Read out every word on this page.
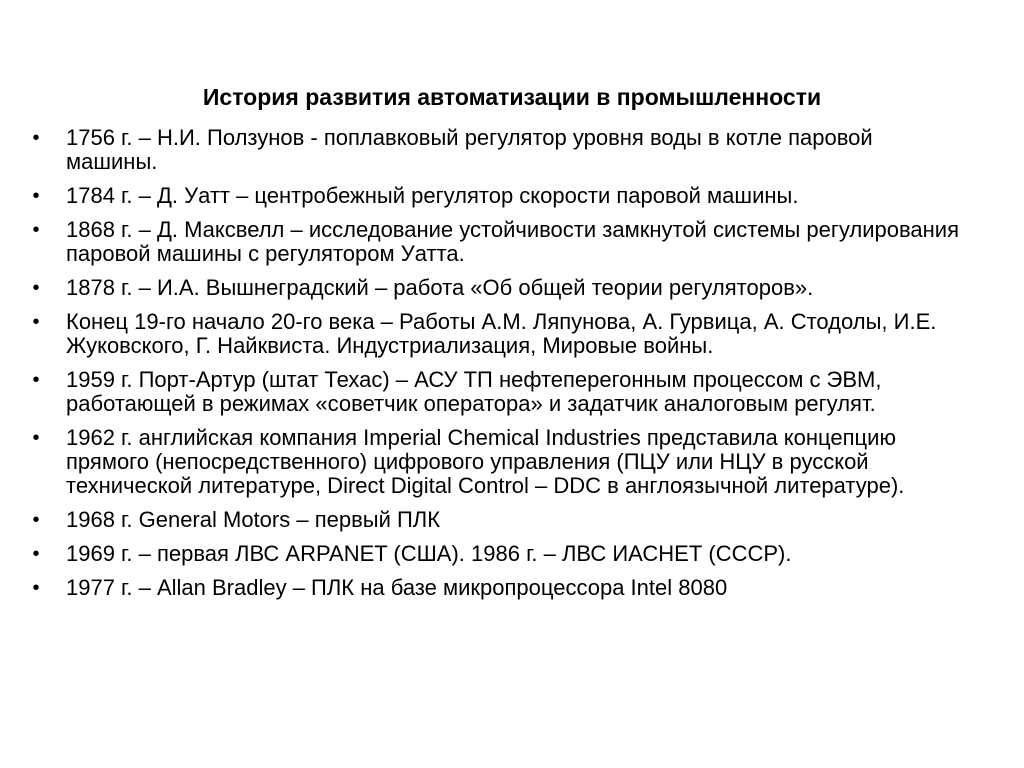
История развития автоматизации в промышленности
• 1756 г. – Н.И. Ползунов - поплавковый регулятор уровня воды в котле паровой машины.
• 1784 г. – Д. Уатт – центробежный регулятор скорости паровой машины.
• 1868 г. – Д. Максвелл – исследование устойчивости замкнутой системы регулирования паровой машины с регулятором Уатта.
• 1878 г. – И.А. Вышнеградский – работа «Об общей теории регуляторов».
• Конец 19-го начало 20-го века – Работы А.М. Ляпунова, А. Гурвица, А. Стодолы, И.Е. Жуковского, Г. Найквиста. Индустриализация, Мировые войны.
• 1959 г. Порт-Артур (штат Техас) – АСУ ТП нефтеперегонным процессом с ЭВМ, работающей в режимах «советчик оператора» и задатчик аналоговым регулят.
• 1962 г. английская компания Imperial Chemical Industries представила концепцию прямого (непосредственного) цифрового управления (ПЦУ или НЦУ в русской технической литературе, Direct Digital Control – DDC в англоязычной литературе).
• 1968 г. General Motors – первый ПЛК
• 1969 г. – первая ЛВС ARPANET (США). 1986 г. – ЛВС ИАСНЕТ (СССР).
• 1977 г. – Allan Bradley – ПЛК на базе микропроцессора Intel 8080
